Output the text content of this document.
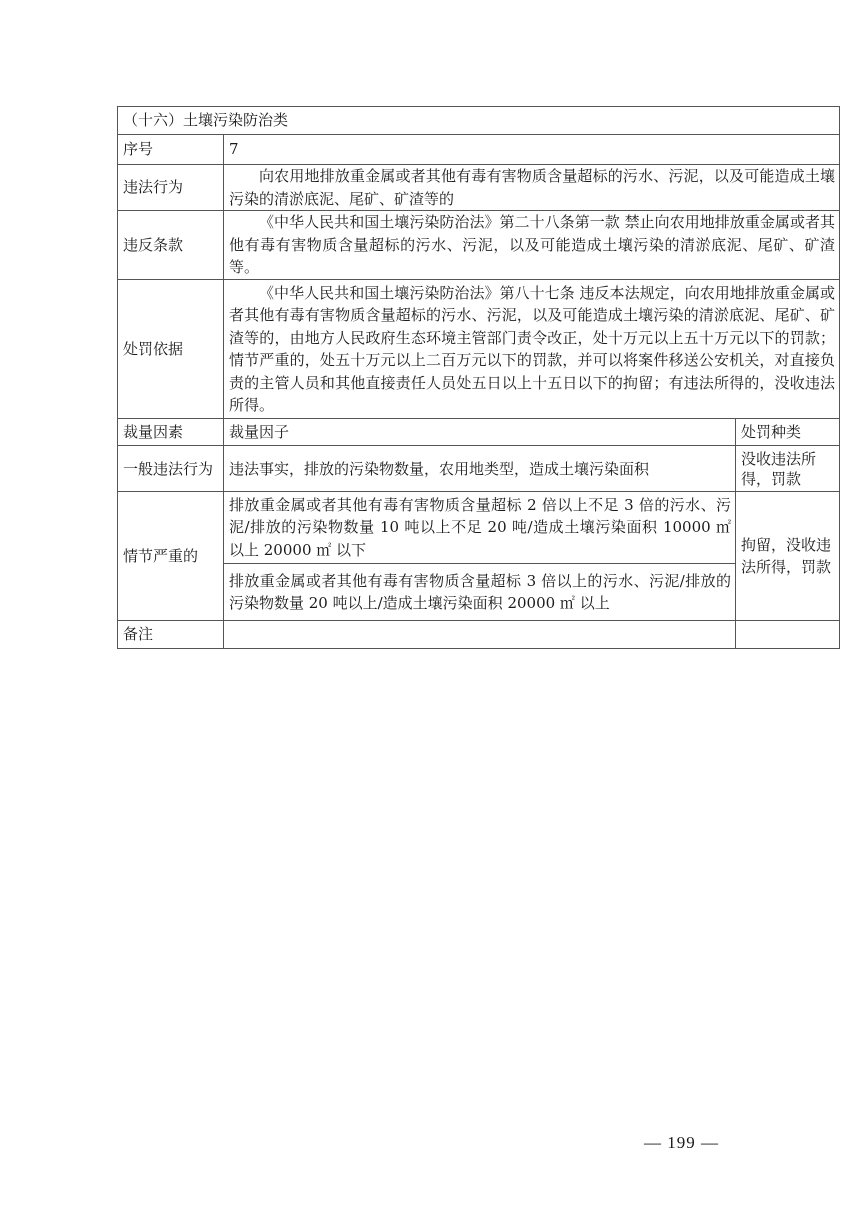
（十六）土壤污染防治类		
序号	7	
违法行为	向农用地排放重金属或者其他有毒有害物质含量超标的污水、污泥，以及可能造成土壤污染的清淤底泥、尾矿、矿渣等的	
违反条款	《中华人民共和国土壤污染防治法》第二十八条第一款 禁止向农用地排放重金属或者其他有毒有害物质含量超标的污水、污泥，以及可能造成土壤污染的清淤底泥、尾矿、矿渣等。	
处罚依据	《中华人民共和国土壤污染防治法》第八十七条 违反本法规定，向农用地排放重金属或者其他有毒有害物质含量超标的污水、污泥，以及可能造成土壤污染的清淤底泥、尾矿、矿渣等的，由地方人民政府生态环境主管部门责令改正，处十万元以上五十万元以下的罚款；情节严重的，处五十万元以上二百万元以下的罚款，并可以将案件移送公安机关，对直接负责的主管人员和其他直接责任人员处五日以上十五日以下的拘留；有违法所得的，没收违法所得。	
裁量因素	裁量因子	处罚种类
一般违法行为	违法事实，排放的污染物数量，农用地类型，造成土壤污染面积	没收违法所得，罚款
情节严重的	排放重金属或者其他有毒有害物质含量超标 2 倍以上不足 3 倍的污水、污泥/排放的污染物数量 10 吨以上不足 20 吨/造成土壤污染面积 10000 ㎡ 以上 20000 ㎡ 以下	拘留，没收违法所得，罚款
	排放重金属或者其他有毒有害物质含量超标 3 倍以上的污水、污泥/排放的污染物数量 20 吨以上/造成土壤污染面积 20000 ㎡ 以上	
备注		
— 199 —
